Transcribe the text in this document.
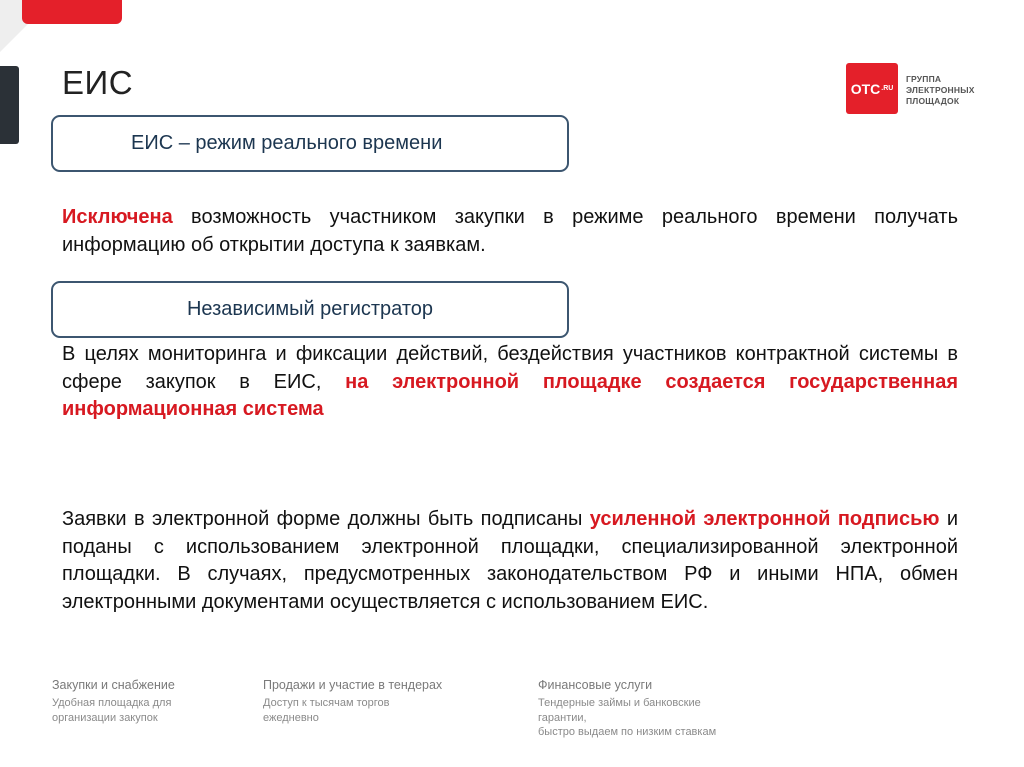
ЕИС	OTC .RU
ГРУППА
ЭЛЕКТРОННЫХ
ПЛОЩАДОК
ЕИС – режим реального времени
Исключена возможность участником закупки в режиме реального времени получать информацию об открытии доступа к заявкам.
Независимый регистратор
В целях мониторинга и фиксации действий, бездействия участников контрактной системы в сфере закупок в ЕИС, на электронной площадке создается государственная информационная система
Заявки в электронной форме должны быть подписаны усиленной электронной подписью и поданы с использованием электронной площадки, специализированной электронной площадки. В случаях, предусмотренных законодательством РФ и иными НПА, обмен электронными документами осуществляется с использованием ЕИС.
Закупки и снабжение
Удобная площадка для
организации закупок
Продажи и участие в тендерах
Доступ к тысячам торгов
ежедневно
Финансовые услуги
Тендерные займы и банковские
гарантии,
быстро выдаем по низким ставкам
